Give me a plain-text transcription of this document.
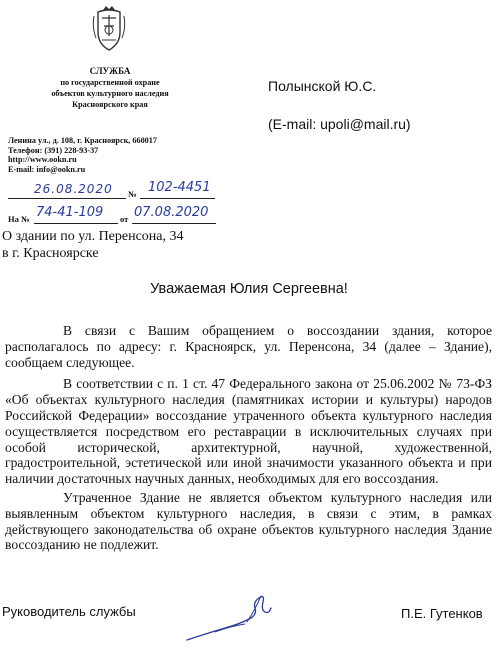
СЛУЖБА
по государственной охране
объектов культурного наследия
Красноярского края
Ленина ул., д. 108, г. Красноярск, 660017
Телефон: (391) 228-93-37
http://www.ookn.ru
E-mail: info@ookn.ru
26.08.2020 № 102-4451
На № 74-41-109 от 07.08.2020
Полынской Ю.С.
(E-mail: upoli@mail.ru)
О здании по ул. Перенсона, 34
в г. Красноярске
Уважаемая Юлия Сергеевна!

В связи с Вашим обращением о воссоздании здания, которое располагалось по адресу: г. Красноярск, ул. Перенсона, 34 (далее – Здание), сообщаем следующее.

В соответствии с п. 1 ст. 47 Федерального закона от 25.06.2002 № 73-ФЗ «Об объектах культурного наследия (памятниках истории и культуры) народов Российской Федерации» воссоздание утраченного объекта культурного наследия осуществляется посредством его реставрации в исключительных случаях при особой исторической, архитектурной, научной, художественной, градостроительной, эстетической или иной значимости указанного объекта и при наличии достаточных научных данных, необходимых для его воссоздания.

Утраченное Здание не является объектом культурного наследия или выявленным объектом культурного наследия, в связи с этим, в рамках действующего законодательства об охране объектов культурного наследия Здание воссозданию не подлежит.

Руководитель службы	П.Е. Гутенков
